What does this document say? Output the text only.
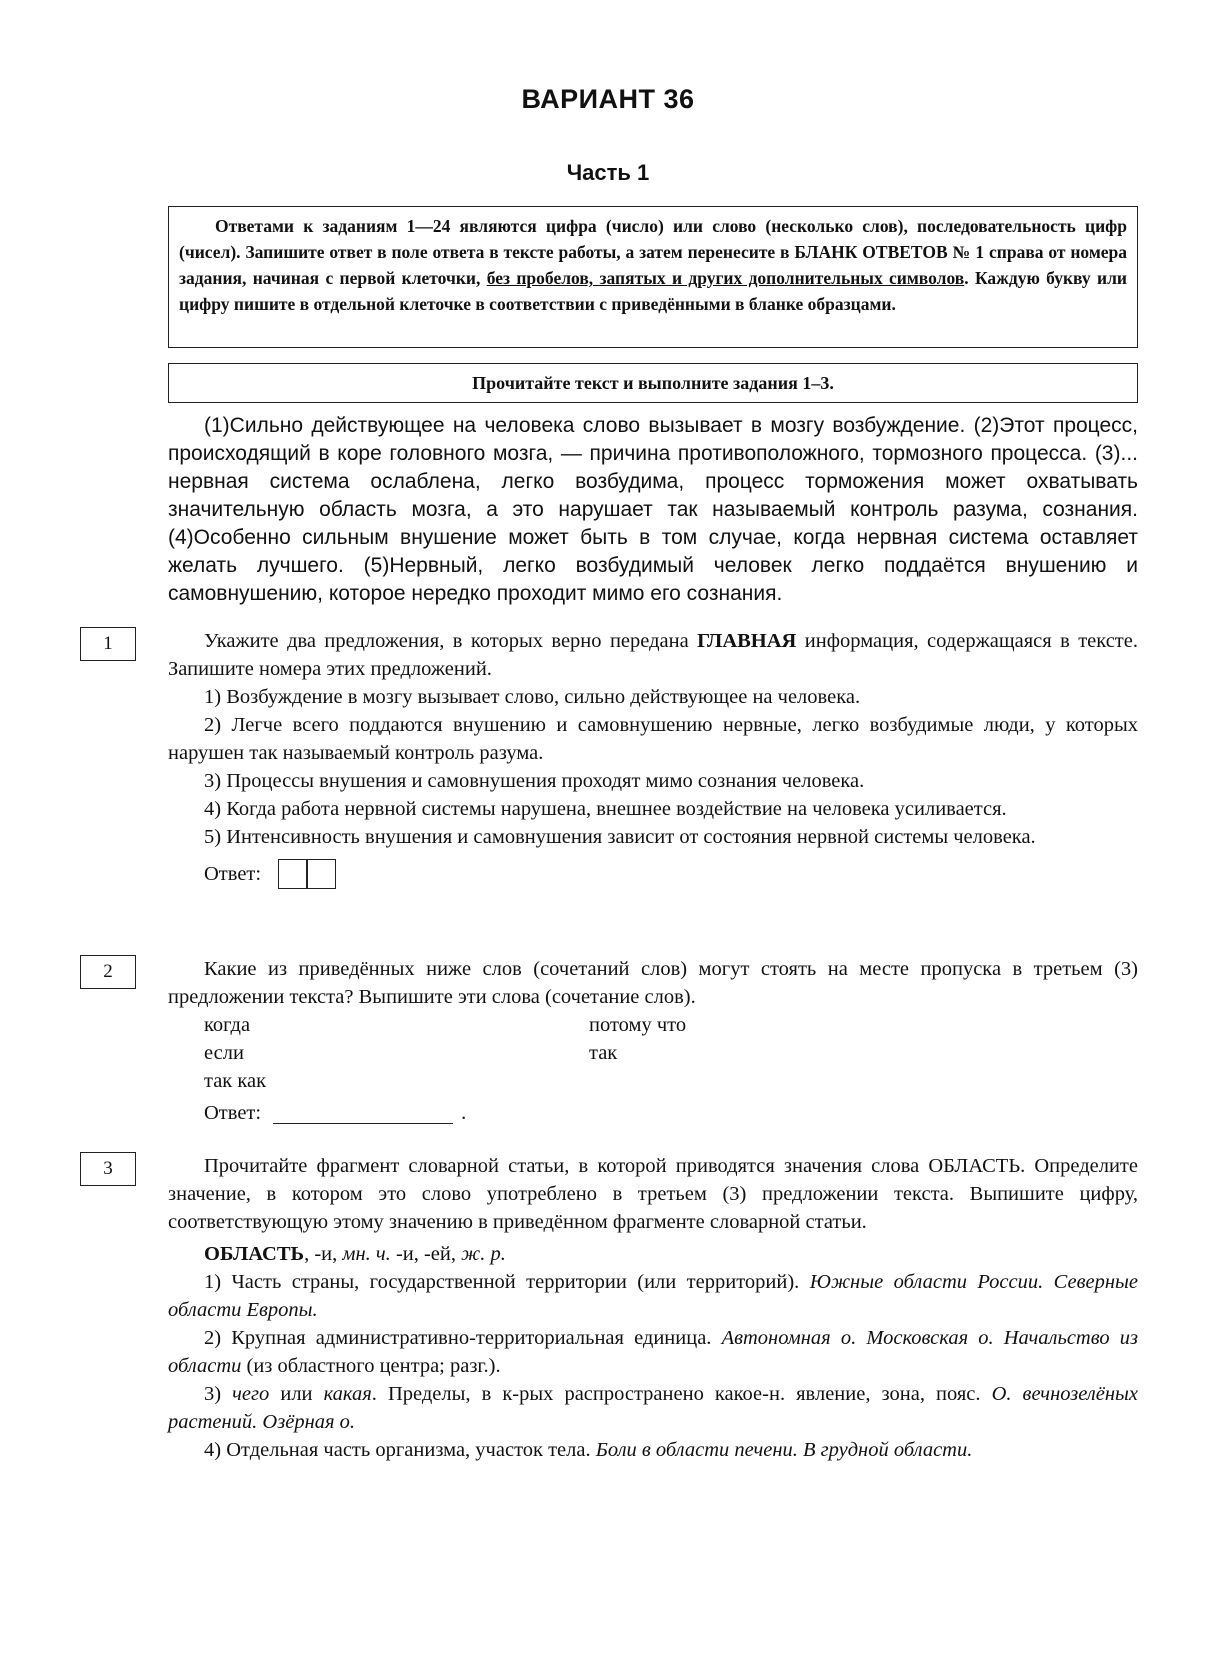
ВАРИАНТ 36
Часть 1
Ответами к заданиям 1—24 являются цифра (число) или слово (несколько слов), последовательность цифр (чисел). Запишите ответ в поле ответа в тексте работы, а затем перенесите в БЛАНК ОТВЕТОВ № 1 справа от номера задания, начиная с первой клеточки, без пробелов, запятых и других дополнительных символов. Каждую букву или цифру пишите в отдельной клеточке в соответствии с приведёнными в бланке образцами.
Прочитайте текст и выполните задания 1–3.
(1)Сильно действующее на человека слово вызывает в мозгу возбуждение. (2)Этот процесс, происходящий в коре головного мозга, — причина противоположного, тормозного процесса. (3)... нервная система ослаблена, легко возбудима, процесс торможения может охватывать значительную область мозга, а это нарушает так называемый контроль разума, сознания. (4)Особенно сильным внушение может быть в том случае, когда нервная система оставляет желать лучшего. (5)Нервный, легко возбудимый человек легко поддаётся внушению и самовнушению, которое нередко проходит мимо его сознания.
1	Укажите два предложения, в которых верно передана ГЛАВНАЯ информация, содержащаяся в тексте. Запишите номера этих предложений.

1) Возбуждение в мозгу вызывает слово, сильно действующее на человека.

2) Легче всего поддаются внушению и самовнушению нервные, легко возбудимые люди, у которых нарушен так называемый контроль разума.

3) Процессы внушения и самовнушения проходят мимо сознания человека.

4) Когда работа нервной системы нарушена, внешнее воздействие на человека усиливается.

5) Интенсивность внушения и самовнушения зависит от состояния нервной системы человека.

Ответ:
2	Какие из приведённых ниже слов (сочетаний слов) могут стоять на месте пропуска в третьем (3) предложении текста? Выпишите эти слова (сочетание слов).

когда	потому что
если	так
так как
Ответ:	.
3	Прочитайте фрагмент словарной статьи, в которой приводятся значения слова ОБЛАСТЬ. Определите значение, в котором это слово употреблено в третьем (3) предложении текста. Выпишите цифру, соответствующую этому значению в приведённом фрагменте словарной статьи.

ОБЛАСТЬ, -и, мн. ч. -и, -ей, ж. р.

1) Часть страны, государственной территории (или территорий). Южные области России. Северные области Европы.

2) Крупная административно-территориальная единица. Автономная о. Московская о. Начальство из области (из областного центра; разг.).

3) чего или какая. Пределы, в к-рых распространено какое-н. явление, зона, пояс. О. вечнозелёных растений. Озёрная о.

4) Отдельная часть организма, участок тела. Боли в области печени. В грудной области.
